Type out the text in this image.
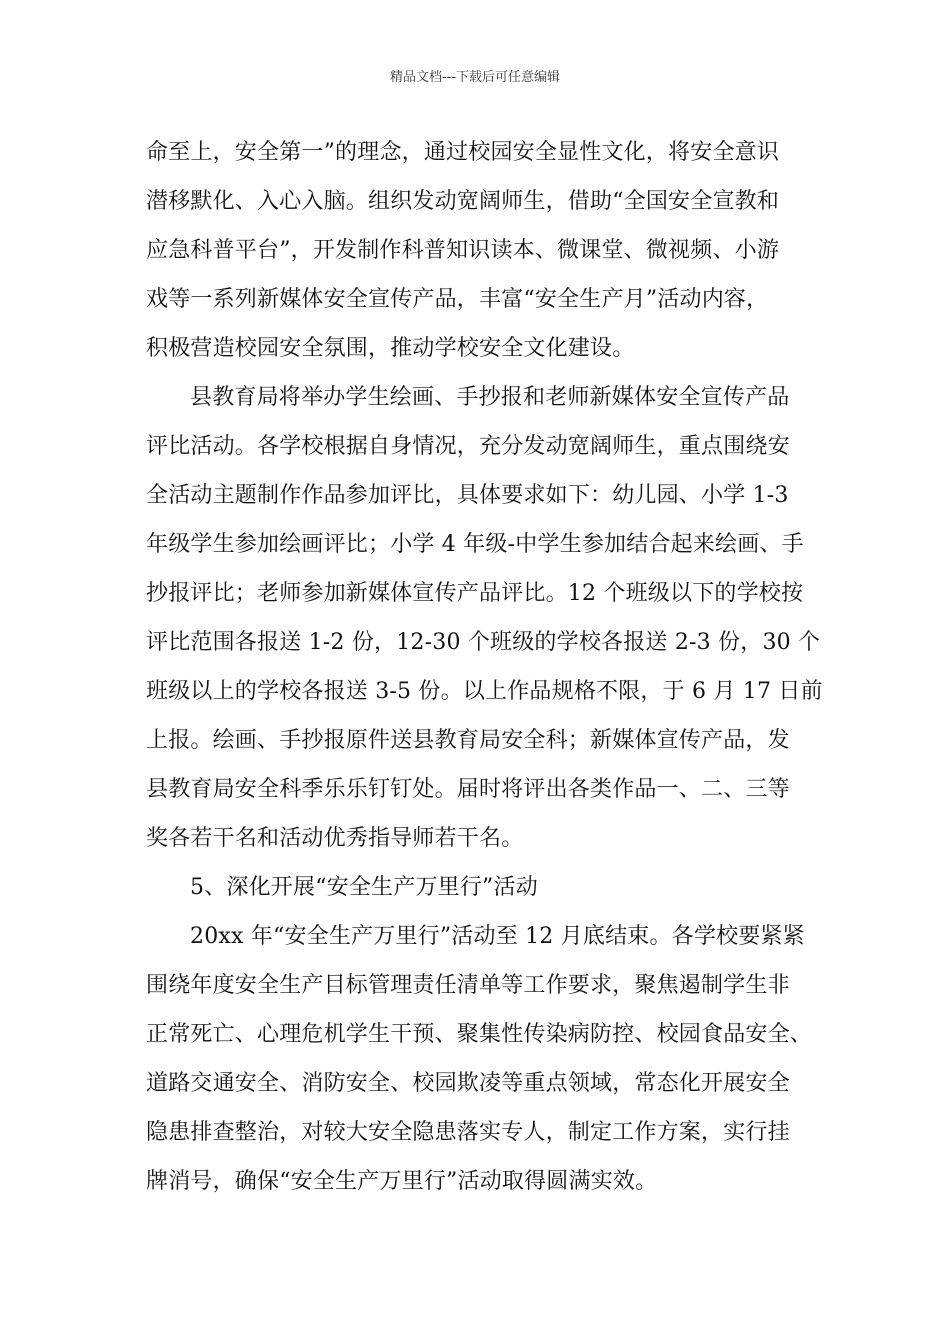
精品文档---下载后可任意编辑
命至上，安全第一”的理念，通过校园安全显性文化，将安全意识
潜移默化、入心入脑。组织发动宽阔师生，借助“全国安全宣教和
应急科普平台”，开发制作科普知识读本、微课堂、微视频、小游
戏等一系列新媒体安全宣传产品，丰富“安全生产月”活动内容，
积极营造校园安全氛围，推动学校安全文化建设。
县教育局将举办学生绘画、手抄报和老师新媒体安全宣传产品
评比活动。各学校根据自身情况，充分发动宽阔师生，重点围绕安
全活动主题制作作品参加评比，具体要求如下：幼儿园、小学 1-3
年级学生参加绘画评比；小学 4 年级-中学生参加结合起来绘画、手
抄报评比；老师参加新媒体宣传产品评比。12 个班级以下的学校按
评比范围各报送 1-2 份，12-30 个班级的学校各报送 2-3 份，30 个
班级以上的学校各报送 3-5 份。以上作品规格不限，于 6 月 17 日前
上报。绘画、手抄报原件送县教育局安全科；新媒体宣传产品，发
县教育局安全科季乐乐钉钉处。届时将评出各类作品一、二、三等
奖各若干名和活动优秀指导师若干名。
5、深化开展“安全生产万里行”活动
20xx 年“安全生产万里行”活动至 12 月底结束。各学校要紧紧
围绕年度安全生产目标管理责任清单等工作要求，聚焦遏制学生非
正常死亡、心理危机学生干预、聚集性传染病防控、校园食品安全、
道路交通安全、消防安全、校园欺凌等重点领域，常态化开展安全
隐患排查整治，对较大安全隐患落实专人，制定工作方案，实行挂
牌消号，确保“安全生产万里行”活动取得圆满实效。
